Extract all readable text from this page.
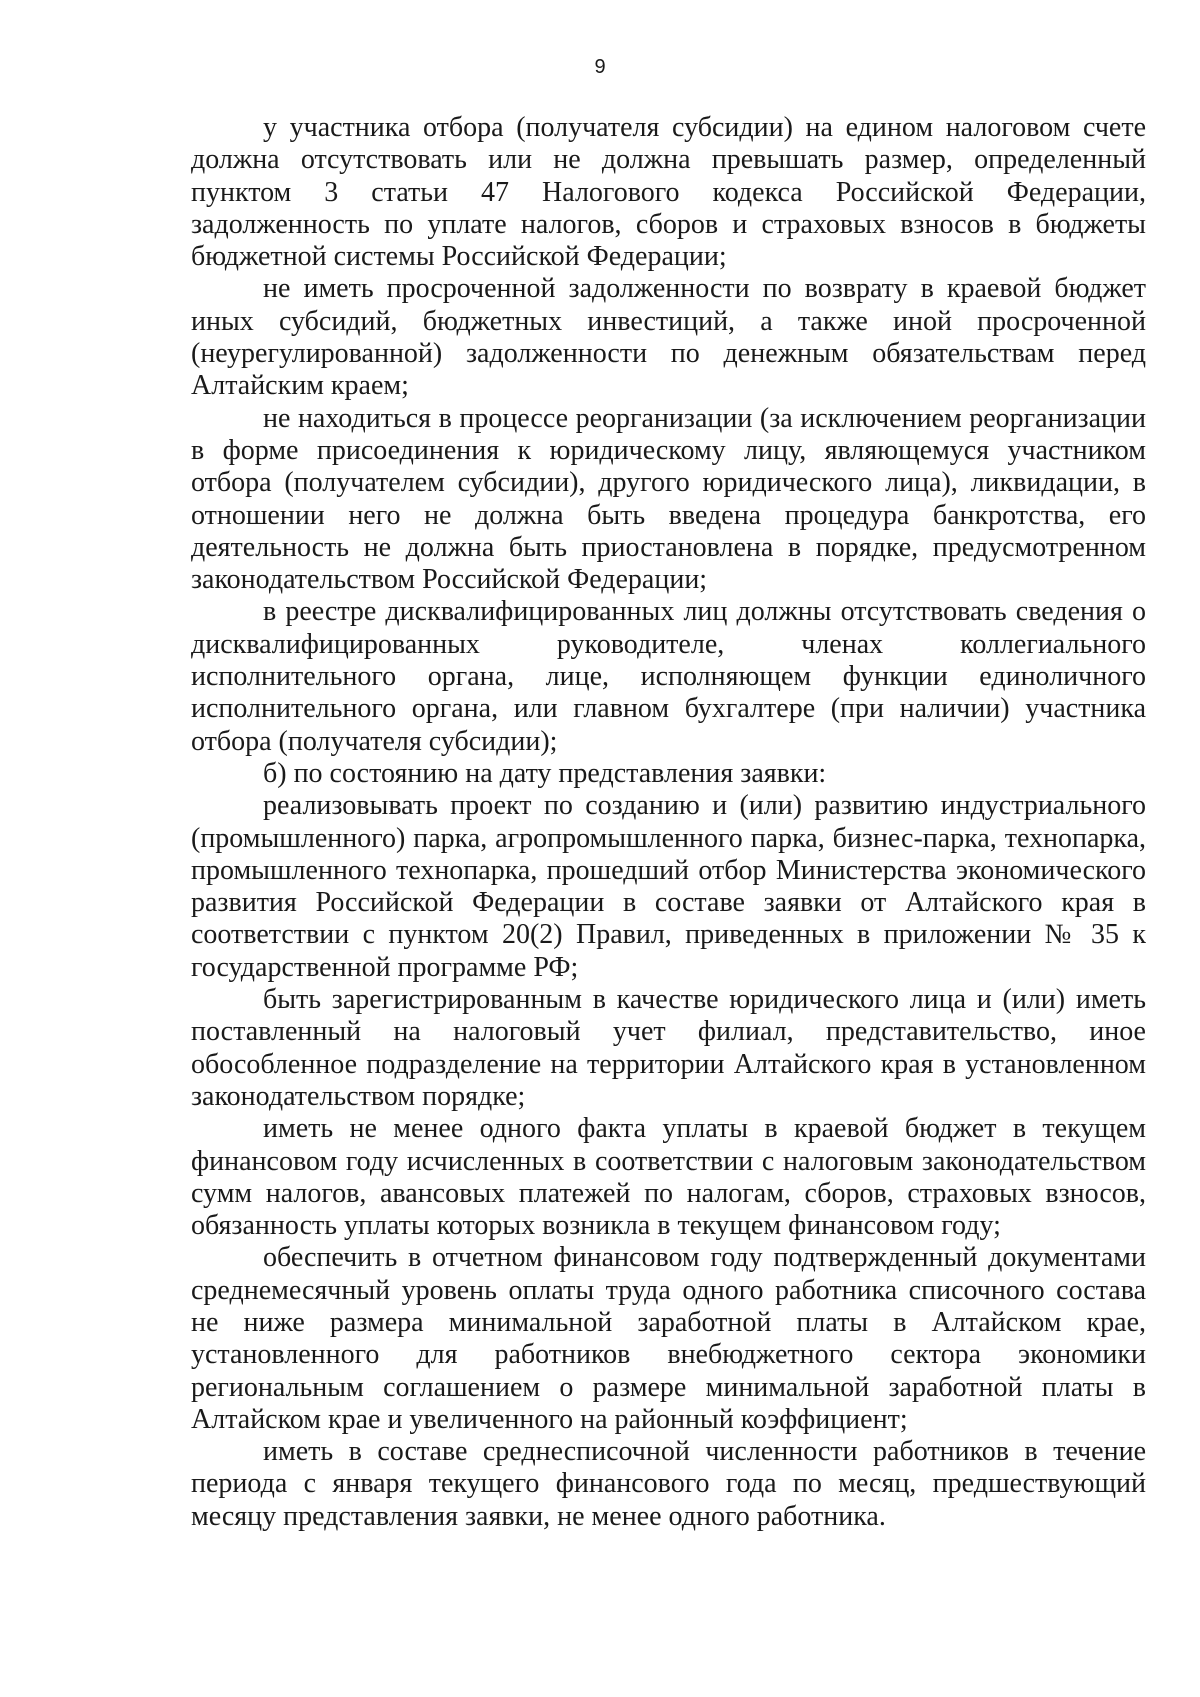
9

у участника отбора (получателя субсидии) на едином налоговом счете должна отсутствовать или не должна превышать размер, определенный пунктом 3 статьи 47 Налогового кодекса Российской Федерации, задолженность по уплате налогов, сборов и страховых взносов в бюджеты бюджетной системы Российской Федерации;

не иметь просроченной задолженности по возврату в краевой бюджет иных субсидий, бюджетных инвестиций, а также иной просроченной (неурегулированной) задолженности по денежным обязательствам перед Алтайским краем;

не находиться в процессе реорганизации (за исключением реорганизации в форме присоединения к юридическому лицу, являющемуся участником отбора (получателем субсидии), другого юридического лица), ликвидации, в отношении него не должна быть введена процедура банкротства, его деятельность не должна быть приостановлена в порядке, предусмотренном законодательством Российской Федерации;

в реестре дисквалифицированных лиц должны отсутствовать сведения о дисквалифицированных руководителе, членах коллегиального исполнительного органа, лице, исполняющем функции единоличного исполнительного органа, или главном бухгалтере (при наличии) участника отбора (получателя субсидии);

б) по состоянию на дату представления заявки:

реализовывать проект по созданию и (или) развитию индустриального (промышленного) парка, агропромышленного парка, бизнес-парка, технопарка, промышленного технопарка, прошедший отбор Министерства экономического развития Российской Федерации в составе заявки от Алтайского края в соответствии с пунктом 20(2) Правил, приведенных в приложении № 35 к государственной программе РФ;

быть зарегистрированным в качестве юридического лица и (или) иметь поставленный на налоговый учет филиал, представительство, иное обособленное подразделение на территории Алтайского края в установленном законодательством порядке;

иметь не менее одного факта уплаты в краевой бюджет в текущем финансовом году исчисленных в соответствии с налоговым законодательством сумм налогов, авансовых платежей по налогам, сборов, страховых взносов, обязанность уплаты которых возникла в текущем финансовом году;

обеспечить в отчетном финансовом году подтвержденный документами среднемесячный уровень оплаты труда одного работника списочного состава не ниже размера минимальной заработной платы в Алтайском крае, установленного для работников внебюджетного сектора экономики региональным соглашением о размере минимальной заработной платы в Алтайском крае и увеличенного на районный коэффициент;

иметь в составе среднесписочной численности работников в течение периода с января текущего финансового года по месяц, предшествующий месяцу представления заявки, не менее одного работника.
